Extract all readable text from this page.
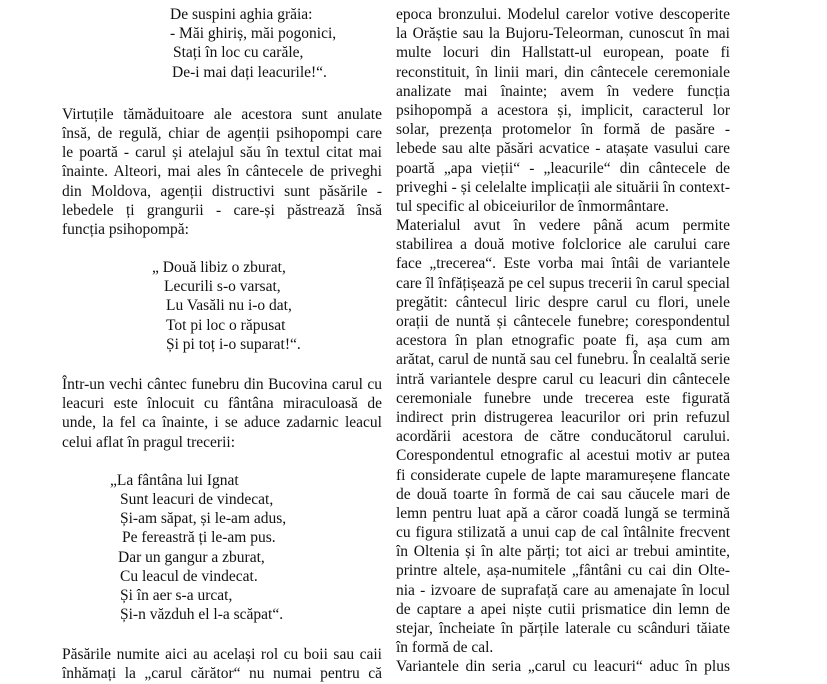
De suspini aghia grăia:
- Măi ghiriș, măi pogonici,
Stați în loc cu carăle,
De-i mai dați leacurile!“.
Virtuțile tămăduitoare ale acestora sunt anulate
însă, de regulă, chiar de agenții psihopompi care
le poartă - carul și atelajul său în textul citat mai
înainte. Alteori, mai ales în cântecele de priveghi
din Moldova, agenții distructivi sunt păsările -
lebedele ți grangurii - care-și păstrează însă
funcția psihopompă:
„ Două libiz o zburat,
Lecurili s-o varsat,
Lu Vasăli nu i-o dat,
Tot pi loc o răpusat
Și pi toț i-o suparat!“.
Într-un vechi cântec funebru din Bucovina carul cu
leacuri este înlocuit cu fântâna miraculoasă de
unde, la fel ca înainte, i se aduce zadarnic leacul
celui aflat în pragul trecerii:
„La fântâna lui Ignat
Sunt leacuri de vindecat,
Și-am săpat, și le-am adus,
Pe fereastră ți le-am pus.
Dar un gangur a zburat,
Cu leacul de vindecat.
Și în aer s-a urcat,
Și-n văzduh el l-a scăpat“.
Păsările numite aici au același rol cu boii sau caii
înhămați la „carul cărător“ nu numai pentru că
epoca bronzului. Modelul carelor votive descoperite
la Orăștie sau la Bujoru-Teleorman, cunoscut în mai
multe locuri din Hallstatt-ul european, poate fi
reconstituit, în linii mari, din cântecele ceremoniale
analizate mai înainte; avem în vedere funcția
psihopompă a acestora și, implicit, caracterul lor
solar, prezența protomelor în formă de pasăre -
lebede sau alte păsări acvatice - atașate vasului care
poartă „apa vieții“ - „leacurile“ din cântecele de
priveghi - și celelalte implicații ale situării în context-
tul specific al obiceiurilor de înmormântare.
Materialul avut în vedere până acum permite
stabilirea a două motive folclorice ale carului care
face „trecerea“. Este vorba mai întâi de variantele
care îl înfățișează pe cel supus trecerii în carul special
pregătit: cântecul liric despre carul cu flori, unele
orații de nuntă și cântecele funebre; corespondentul
acestora în plan etnografic poate fi, așa cum am
arătat, carul de nuntă sau cel funebru. În cealaltă serie
intră variantele despre carul cu leacuri din cântecele
ceremoniale funebre unde trecerea este figurată
indirect prin distrugerea leacurilor ori prin refuzul
acordării acestora de către conducătorul carului.
Corespondentul etnografic al acestui motiv ar putea
fi considerate cupele de lapte maramureșene flancate
de două toarte în formă de cai sau căucele mari de
lemn pentru luat apă a căror coadă lungă se termină
cu figura stilizată a unui cap de cal întâlnite frecvent
în Oltenia și în alte părți; tot aici ar trebui amintite,
printre altele, așa-numitele „fântâni cu cai din Olte-
nia - izvoare de suprafață care au amenajate în locul
de captare a apei niște cutii prismatice din lemn de
stejar, încheiate în părțile laterale cu scânduri tăiate
în formă de cal.
Variantele din seria „carul cu leacuri“ aduc în plus
